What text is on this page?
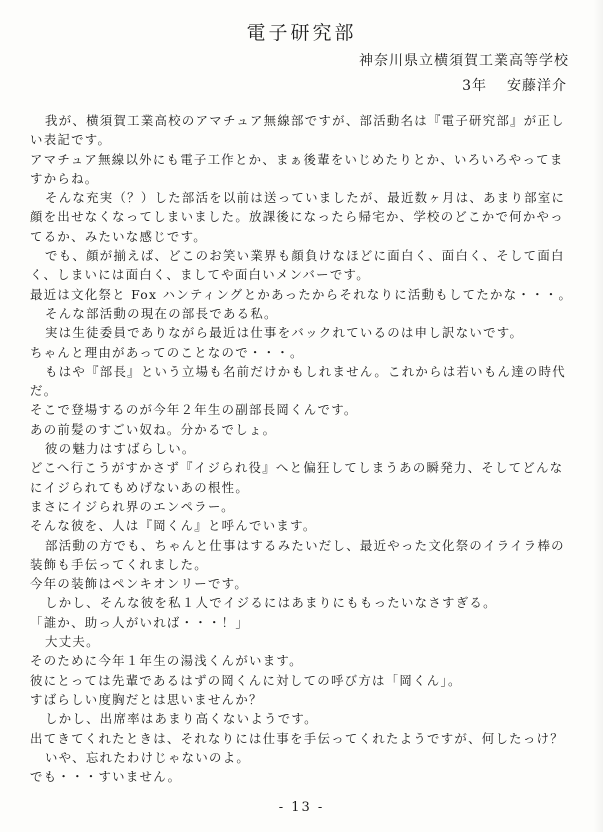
電子研究部
神奈川県立横須賀工業高等学校
3年 安藤洋介
我が、横須賀工業高校のアマチュア無線部ですが、部活動名は『電子研究部』が正し
い表記です。
アマチュア無線以外にも電子工作とか、まぁ後輩をいじめたりとか、いろいろやってま
すからね。
そんな充実（？）した部活を以前は送っていましたが、最近数ヶ月は、あまり部室に
顔を出せなくなってしまいました。放課後になったら帰宅か、学校のどこかで何かやっ
てるか、みたいな感じです。
でも、顔が揃えば、どこのお笑い業界も顔負けなほどに面白く、面白く、そして面白
く、しまいには面白く、ましてや面白いメンバーです。
最近は文化祭と Fox ハンティングとかあったからそれなりに活動もしてたかな・・・。
そんな部活動の現在の部長である私。
実は生徒委員でありながら最近は仕事をバックれているのは申し訳ないです。
ちゃんと理由があってのことなので・・・。
もはや『部長』という立場も名前だけかもしれません。これからは若いもん達の時代
だ。
そこで登場するのが今年２年生の副部長岡くんです。
あの前髪のすごい奴ね。分かるでしょ。
彼の魅力はすばらしい。
どこへ行こうがすかさず『イジられ役』へと偏狂してしまうあの瞬発力、そしてどんな
にイジられてもめげないあの根性。
まさにイジられ界のエンペラー。
そんな彼を、人は『岡くん』と呼んでいます。
部活動の方でも、ちゃんと仕事はするみたいだし、最近やった文化祭のイライラ棒の
装飾も手伝ってくれました。
今年の装飾はペンキオンリーです。
しかし、そんな彼を私１人でイジるにはあまりにももったいなさすぎる。
「誰か、助っ人がいれば・・・！」
大丈夫。
そのために今年１年生の湯浅くんがいます。
彼にとっては先輩であるはずの岡くんに対しての呼び方は「岡くん」。
すばらしい度胸だとは思いませんか？
しかし、出席率はあまり高くないようです。
出てきてくれたときは、それなりには仕事を手伝ってくれたようですが、何したっけ？
いや、忘れたわけじゃないのよ。
でも・・・すいません。
- 13 -
